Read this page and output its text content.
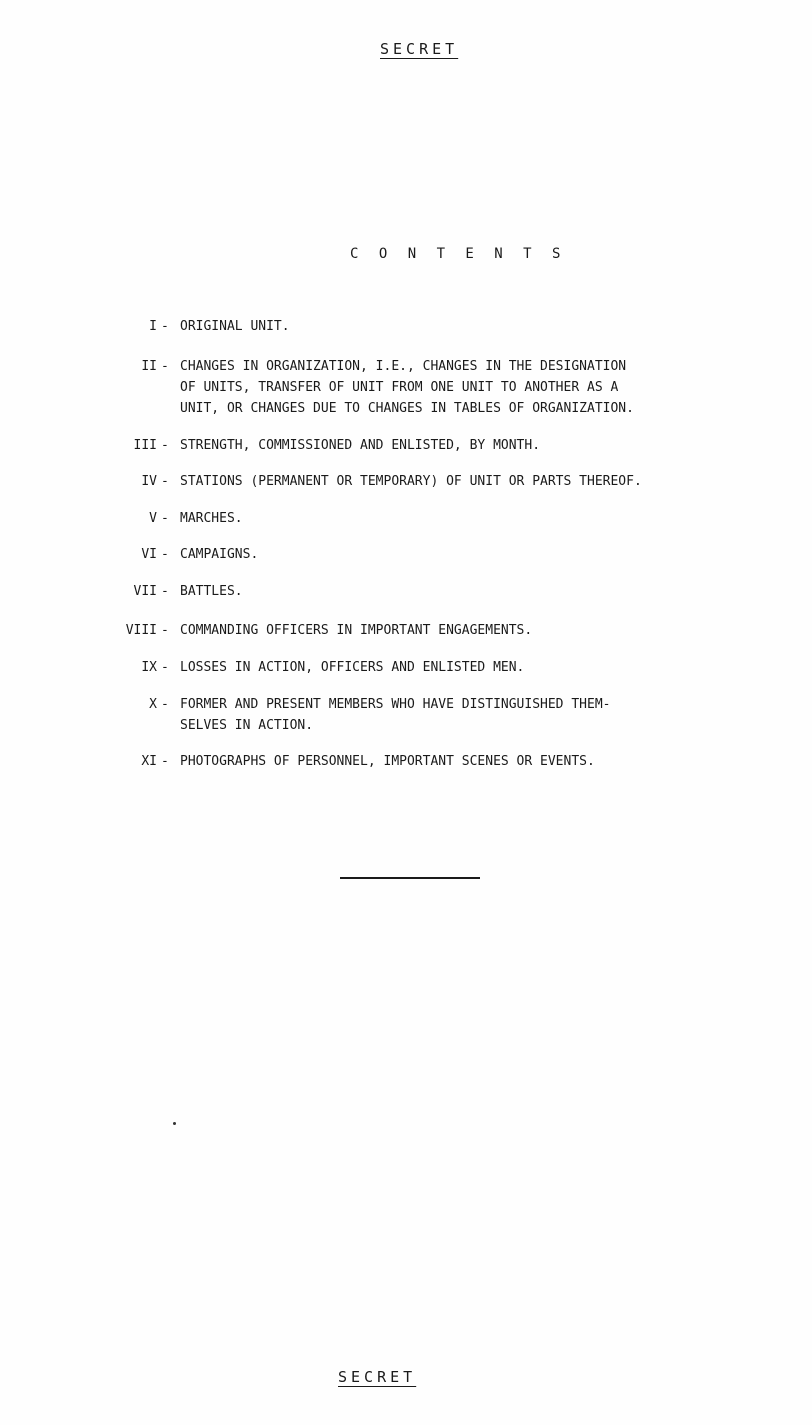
SECRET
C O N T E N T S
I - ORIGINAL UNIT.
II - CHANGES IN ORGANIZATION, I.E., CHANGES IN THE DESIGNATION
OF UNITS, TRANSFER OF UNIT FROM ONE UNIT TO ANOTHER AS A
UNIT, OR CHANGES DUE TO CHANGES IN TABLES OF ORGANIZATION.
III - STRENGTH, COMMISSIONED AND ENLISTED, BY MONTH.
IV - STATIONS (PERMANENT OR TEMPORARY) OF UNIT OR PARTS THEREOF.
V - MARCHES.
VI - CAMPAIGNS.
VII - BATTLES.
VIII - COMMANDING OFFICERS IN IMPORTANT ENGAGEMENTS.
IX - LOSSES IN ACTION, OFFICERS AND ENLISTED MEN.
X - FORMER AND PRESENT MEMBERS WHO HAVE DISTINGUISHED THEM-
SELVES IN ACTION.
XI - PHOTOGRAPHS OF PERSONNEL, IMPORTANT SCENES OR EVENTS.
SECRET
